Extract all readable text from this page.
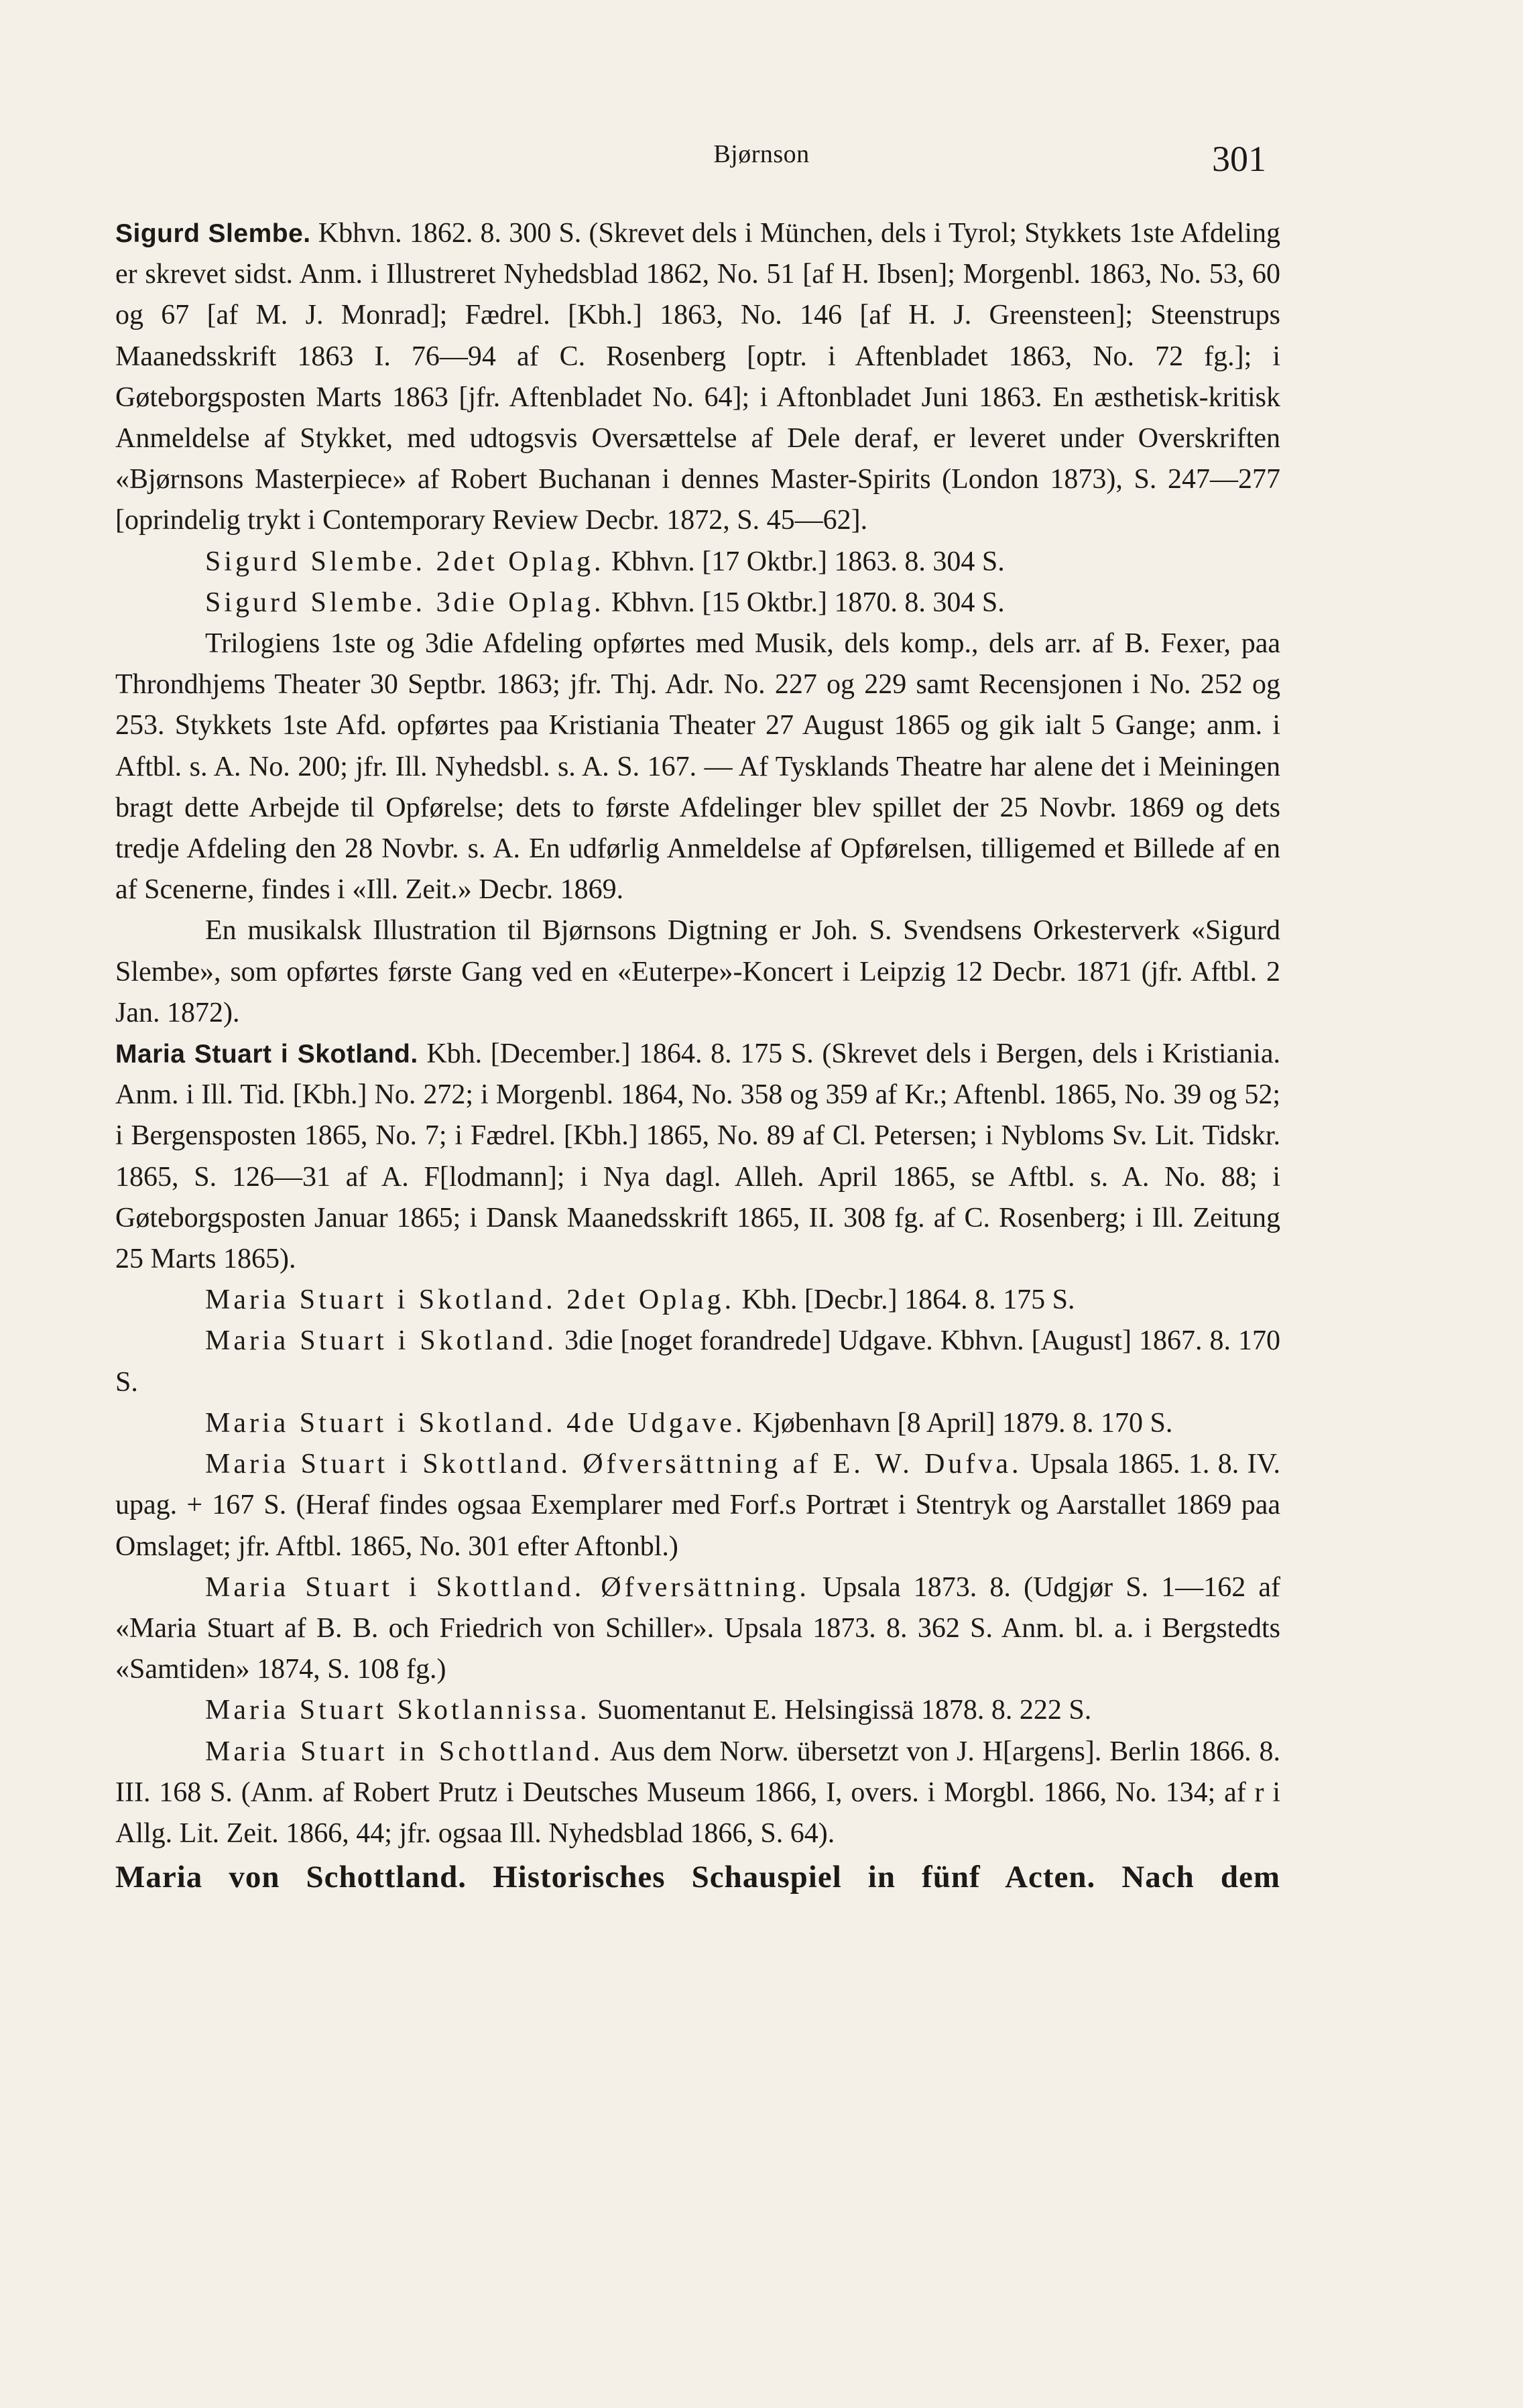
Bjørnson	301

Sigurd Slembe. Kbhvn. 1862. 8. 300 S. (Skrevet dels i München, dels i Tyrol; Stykkets 1ste Afdeling er skrevet sidst. Anm. i Illustreret Nyhedsblad 1862, No. 51 [af H. Ibsen]; Morgenbl. 1863, No. 53, 60 og 67 [af M. J. Monrad]; Fædrel. [Kbh.] 1863, No. 146 [af H. J. Greensteen]; Steenstrups Maanedsskrift 1863 I. 76—94 af C. Rosenberg [optr. i Aftenbladet 1863, No. 72 fg.]; i Gøteborgsposten Marts 1863 [jfr. Aftenbladet No. 64]; i Aftonbladet Juni 1863. En æsthetisk-kritisk Anmeldelse af Stykket, med udtogsvis Oversættelse af Dele deraf, er leveret under Overskriften «Bjørnsons Masterpiece» af Robert Buchanan i dennes Master-Spirits (London 1873), S. 247—277 [oprindelig trykt i Contemporary Review Decbr. 1872, S. 45—62].

Sigurd Slembe. 2det Oplag. Kbhvn. [17 Oktbr.] 1863. 8. 304 S.

Sigurd Slembe. 3die Oplag. Kbhvn. [15 Oktbr.] 1870. 8. 304 S.

Trilogiens 1ste og 3die Afdeling opførtes med Musik, dels komp., dels arr. af B. Fexer, paa Throndhjems Theater 30 Septbr. 1863; jfr. Thj. Adr. No. 227 og 229 samt Recensjonen i No. 252 og 253. Stykkets 1ste Afd. opførtes paa Kristiania Theater 27 August 1865 og gik ialt 5 Gange; anm. i Aftbl. s. A. No. 200; jfr. Ill. Nyhedsbl. s. A. S. 167. — Af Tysklands Theatre har alene det i Meiningen bragt dette Arbejde til Opførelse; dets to første Afdelinger blev spillet der 25 Novbr. 1869 og dets tredje Afdeling den 28 Novbr. s. A. En udførlig Anmeldelse af Opførelsen, tilligemed et Billede af en af Scenerne, findes i «Ill. Zeit.» Decbr. 1869.

En musikalsk Illustration til Bjørnsons Digtning er Joh. S. Svendsens Orkesterverk «Sigurd Slembe», som opførtes første Gang ved en «Euterpe»-Koncert i Leipzig 12 Decbr. 1871 (jfr. Aftbl. 2 Jan. 1872).

Maria Stuart i Skotland. Kbh. [December.] 1864. 8. 175 S. (Skrevet dels i Bergen, dels i Kristiania. Anm. i Ill. Tid. [Kbh.] No. 272; i Morgenbl. 1864, No. 358 og 359 af Kr.; Aftenbl. 1865, No. 39 og 52; i Bergensposten 1865, No. 7; i Fædrel. [Kbh.] 1865, No. 89 af Cl. Petersen; i Nybloms Sv. Lit. Tidskr. 1865, S. 126—31 af A. F[lodmann]; i Nya dagl. Alleh. April 1865, se Aftbl. s. A. No. 88; i Gøteborgsposten Januar 1865; i Dansk Maanedsskrift 1865, II. 308 fg. af C. Rosenberg; i Ill. Zeitung 25 Marts 1865).

Maria Stuart i Skotland. 2det Oplag. Kbh. [Decbr.] 1864. 8. 175 S.

Maria Stuart i Skotland. 3die [noget forandrede] Udgave. Kbhvn. [August] 1867. 8. 170 S.

Maria Stuart i Skotland. 4de Udgave. Kjøbenhavn [8 April] 1879. 8. 170 S.

Maria Stuart i Skottland. Øfversättning af E. W. Dufva. Upsala 1865. 1. 8. IV. upag. + 167 S. (Heraf findes ogsaa Exemplarer med Forf.s Portræt i Stentryk og Aarstallet 1869 paa Omslaget; jfr. Aftbl. 1865, No. 301 efter Aftonbl.)

Maria Stuart i Skottland. Øfversättning. Upsala 1873. 8. (Udgjør S. 1—162 af «Maria Stuart af B. B. och Friedrich von Schiller». Upsala 1873. 8. 362 S. Anm. bl. a. i Bergstedts «Samtiden» 1874, S. 108 fg.)

Maria Stuart Skotlannissa. Suomentanut E. Helsingissä 1878. 8. 222 S.

Maria Stuart in Schottland. Aus dem Norw. übersetzt von J. H[argens]. Berlin 1866. 8. III. 168 S. (Anm. af Robert Prutz i Deutsches Museum 1866, I, overs. i Morgbl. 1866, No. 134; af r i Allg. Lit. Zeit. 1866, 44; jfr. ogsaa Ill. Nyhedsblad 1866, S. 64).

Maria von Schottland. Historisches Schauspiel in fünf Acten. Nach dem
